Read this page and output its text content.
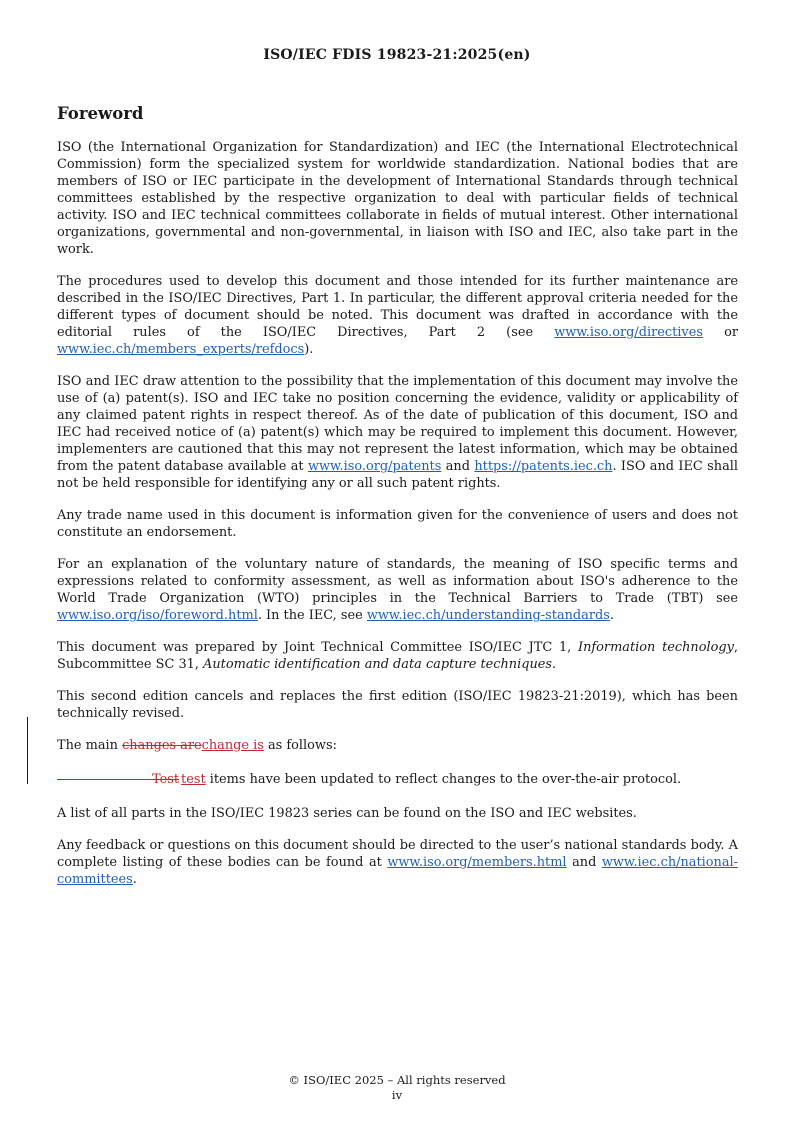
ISO/IEC FDIS 19823-21:2025(en)
Foreword

ISO (the International Organization for Standardization) and IEC (the International Electrotechnical Commission) form the specialized system for worldwide standardization. National bodies that are members of ISO or IEC participate in the development of International Standards through technical committees established by the respective organization to deal with particular fields of technical activity. ISO and IEC technical committees collaborate in fields of mutual interest. Other international organizations, governmental and non-governmental, in liaison with ISO and IEC, also take part in the work.

The procedures used to develop this document and those intended for its further maintenance are described in the ISO/IEC Directives, Part 1. In particular, the different approval criteria needed for the different types of document should be noted. This document was drafted in accordance with the editorial rules of the ISO/IEC Directives, Part 2 (see www.iso.org/directives or www.iec.ch/members_experts/refdocs).

ISO and IEC draw attention to the possibility that the implementation of this document may involve the use of (a) patent(s). ISO and IEC take no position concerning the evidence, validity or applicability of any claimed patent rights in respect thereof. As of the date of publication of this document, ISO and IEC had received notice of (a) patent(s) which may be required to implement this document. However, implementers are cautioned that this may not represent the latest information, which may be obtained from the patent database available at www.iso.org/patents and https://patents.iec.ch. ISO and IEC shall not be held responsible for identifying any or all such patent rights.

Any trade name used in this document is information given for the convenience of users and does not constitute an endorsement.

For an explanation of the voluntary nature of standards, the meaning of ISO specific terms and expressions related to conformity assessment, as well as information about ISO's adherence to the World Trade Organization (WTO) principles in the Technical Barriers to Trade (TBT) see www.iso.org/iso/foreword.html. In the IEC, see www.iec.ch/understanding-standards.

This document was prepared by Joint Technical Committee ISO/IEC JTC 1, Information technology, Subcommittee SC 31, Automatic identification and data capture techniques.

This second edition cancels and replaces the first edition (ISO/IEC 19823-21:2019), which has been technically revised.

The main changes arechange is as follows:

Test test items have been updated to reflect changes to the over-the-air protocol.

A list of all parts in the ISO/IEC 19823 series can be found on the ISO and IEC websites.

Any feedback or questions on this document should be directed to the user’s national standards body. A complete listing of these bodies can be found at www.iso.org/members.html and www.iec.ch/national-committees.

© ISO/IEC 2025 – All rights reserved
iv
